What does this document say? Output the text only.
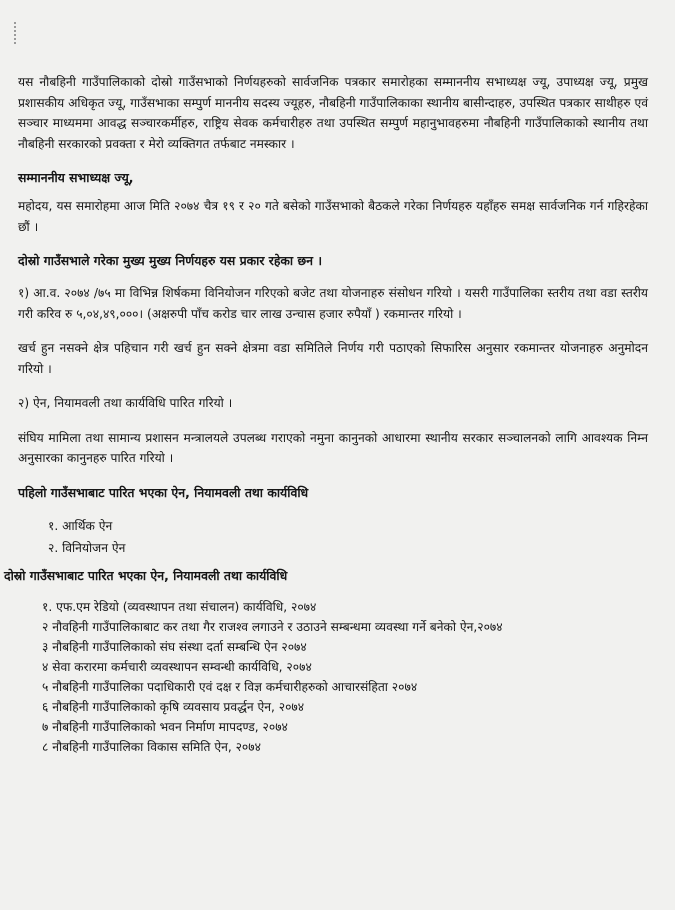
यस नौबहिनी गाउँपालिकाको दोस्रो गाउँसभाको निर्णयहरुको सार्वजनिक पत्रकार समारोहका सम्माननीय सभाध्यक्ष ज्यू, उपाध्यक्ष ज्यू, प्रमुख प्रशासकीय अधिकृत ज्यू, गाउँसभाका सम्पुर्ण माननीय सदस्य ज्यूहरु, नौबहिनी गाउँपालिकाका स्थानीय बासीन्दाहरु, उपस्थित पत्रकार साथीहरु एवं सञ्चार माध्यममा आवद्ध सञ्चारकर्मीहरु, राष्ट्रिय सेवक कर्मचारीहरु तथा उपस्थित सम्पुर्ण महानुभावहरुमा नौबहिनी गाउँपालिकाको स्थानीय तथा नौबहिनी सरकारको प्रवक्ता र मेरो व्यक्तिगत तर्फबाट नमस्कार ।

सम्माननीय सभाध्यक्ष ज्यू,

महोदय, यस समारोहमा आज मिति २०७४ चैत्र १९ र २० गते बसेको गाउँसभाको बैठकले गरेका निर्णयहरु यहाँहरु समक्ष सार्वजनिक गर्न गहिरहेका छौं ।

दोस्रो गाउँसभाले गरेका मुख्य मुख्य निर्णयहरु यस प्रकार रहेका छन ।

१) आ.व. २०७४ /७५ मा विभिन्न शिर्षकमा विनियोजन गरिएको बजेट तथा योजनाहरु संसोधन गरियो । यसरी गाउँपालिका स्तरीय तथा वडा स्तरीय गरी करिव रु ५,०४,४९,०००। (अक्षरुपी पाँच करोड चार लाख उन्चास हजार रुपैयाँ ) रकमान्तर गरियो ।

खर्च हुन नसक्ने क्षेत्र पहिचान गरी खर्च हुन सक्ने क्षेत्रमा वडा समितिले निर्णय गरी पठाएको सिफारिस अनुसार रकमान्तर योजनाहरु अनुमोदन गरियो ।

२) ऐन, नियामवली तथा कार्यविधि पारित गरियो ।

संघिय मामिला तथा सामान्य प्रशासन मन्त्रालयले उपलब्ध गराएको नमुना कानुनको आधारमा स्थानीय सरकार सञ्चालनको लागि आवश्यक निम्न अनुसारका कानुनहरु पारित गरियो ।

पहिलो गाउँसभाबाट पारित भएका ऐन, नियामवली तथा कार्यविधि
१. आर्थिक ऐन
२. विनियोजन ऐन
दोस्रो गाउँसभाबाट पारित भएका ऐन, नियामवली तथा कार्यविधि
१. एफ.एम रेडियो (व्यवस्थापन तथा संचालन) कार्यविधि, २०७४
२ नौवहिनी गाउँपालिकाबाट कर तथा गैर राजश्व लगाउने र उठाउने सम्बन्धमा व्यवस्था गर्ने बनेको ऐन,२०७४
३ नौबहिनी गाउँपालिकाको संघ संस्था दर्ता सम्बन्धि ऐन २०७४
४ सेवा करारमा कर्मचारी व्यवस्थापन सम्वन्धी कार्यविधि, २०७४
५ नौबहिनी गाउँपालिका पदाधिकारी एवं दक्ष र विज्ञ कर्मचारीहरुको आचारसंहिता २०७४
६ नौबहिनी गाउँपालिकाको कृषि व्यवसाय प्रवर्द्धन ऐन, २०७४
७ नौबहिनी गाउँपालिकाको भवन निर्माण मापदण्ड, २०७४
८ नौबहिनी गाउँपालिका विकास समिति ऐन, २०७४
